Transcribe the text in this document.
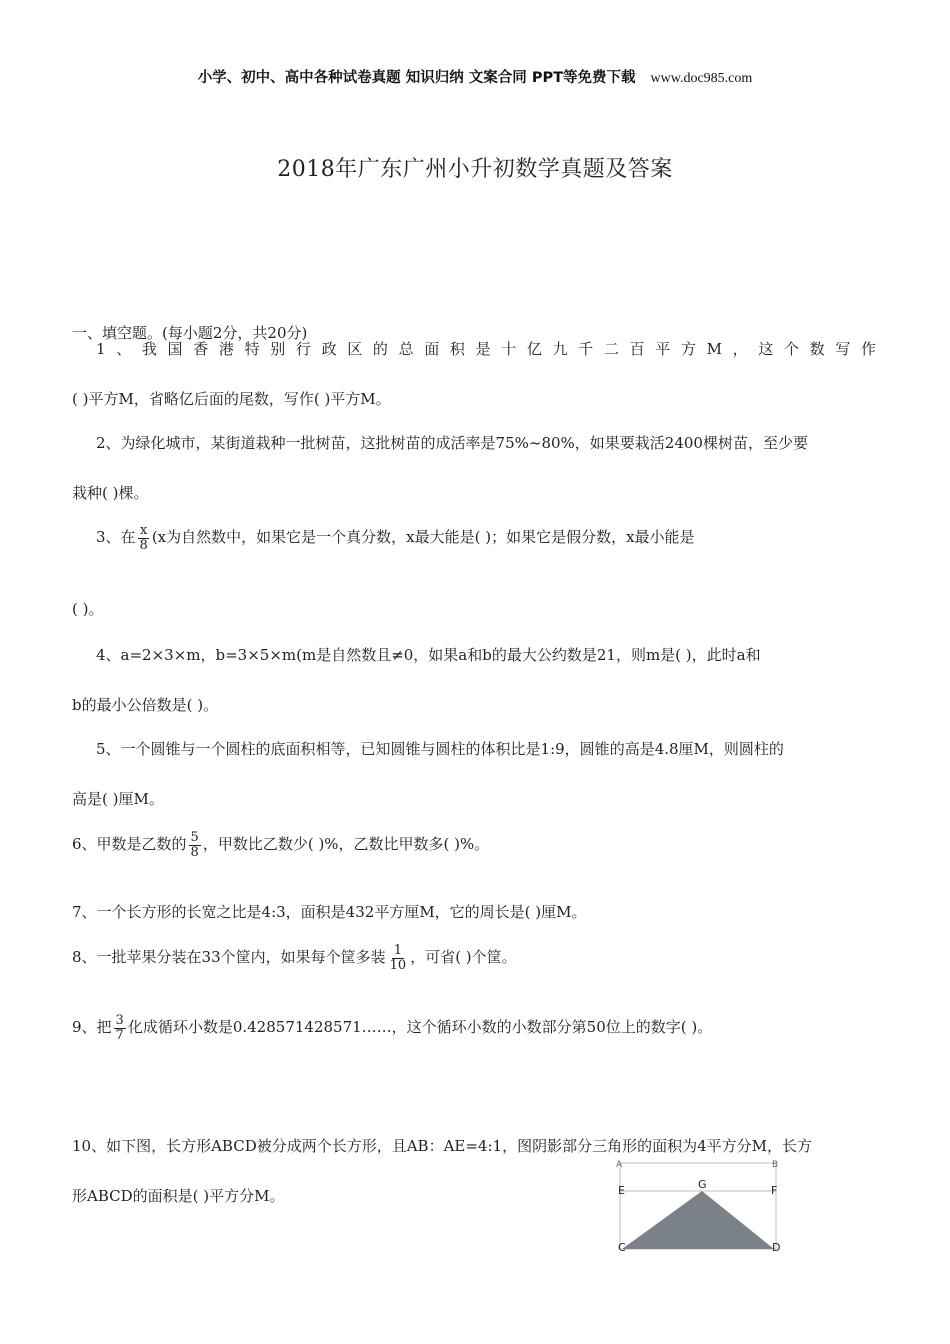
小学、初中、高中各种试卷真题 知识归纳 文案合同 PPT等免费下载 www.doc985.com
2018年广东广州小升初数学真题及答案
一、填空题。(每小题2分，共20分)
1、我国香港特别行政区的总面积是十亿九千二百平方M，这个数写作
( )平方M，省略亿后面的尾数，写作( )平方M。
2、为绿化城市，某街道栽种一批树苗，这批树苗的成活率是75%~80%，如果要栽活2400棵树苗，至少要
栽种( )棵。
3、在 $\frac{x}{8} (x$为自然数中，如果它是一个真分数，x最大能是( )；如果它是假分数，x最小能是
( )。
4、a=2×3×m，b=3×5×m(m是自然数且≠0，如果a和b的最大公约数是21，则m是( )，此时a和
b的最小公倍数是( )。
5、一个圆锥与一个圆柱的底面积相等，已知圆锥与圆柱的体积比是1:9，圆锥的高是4.8厘M，则圆柱的
高是( )厘M。
6、甲数是乙数的 $\frac{5}{8}$ ，甲数比乙数少( )%，乙数比甲数多( )%。
7、一个长方形的长宽之比是4:3，面积是432平方厘M，它的周长是( )厘M。
8、一批苹果分装在33个筐内，如果每个筐多装 $\frac{1}{10}$ ，可省( )个筐。
9、把 $\frac{3}{7}$ 化成循环小数是0.428571428571……，这个循环小数的小数部分第50位上的数字( )。
10、如下图，长方形ABCD被分成两个长方形，且AB：AE=4:1，图阴影部分三角形的面积为4平方分M，长方
形ABCD的面积是( )平方分M。
A	B
E	G	F
C	D
